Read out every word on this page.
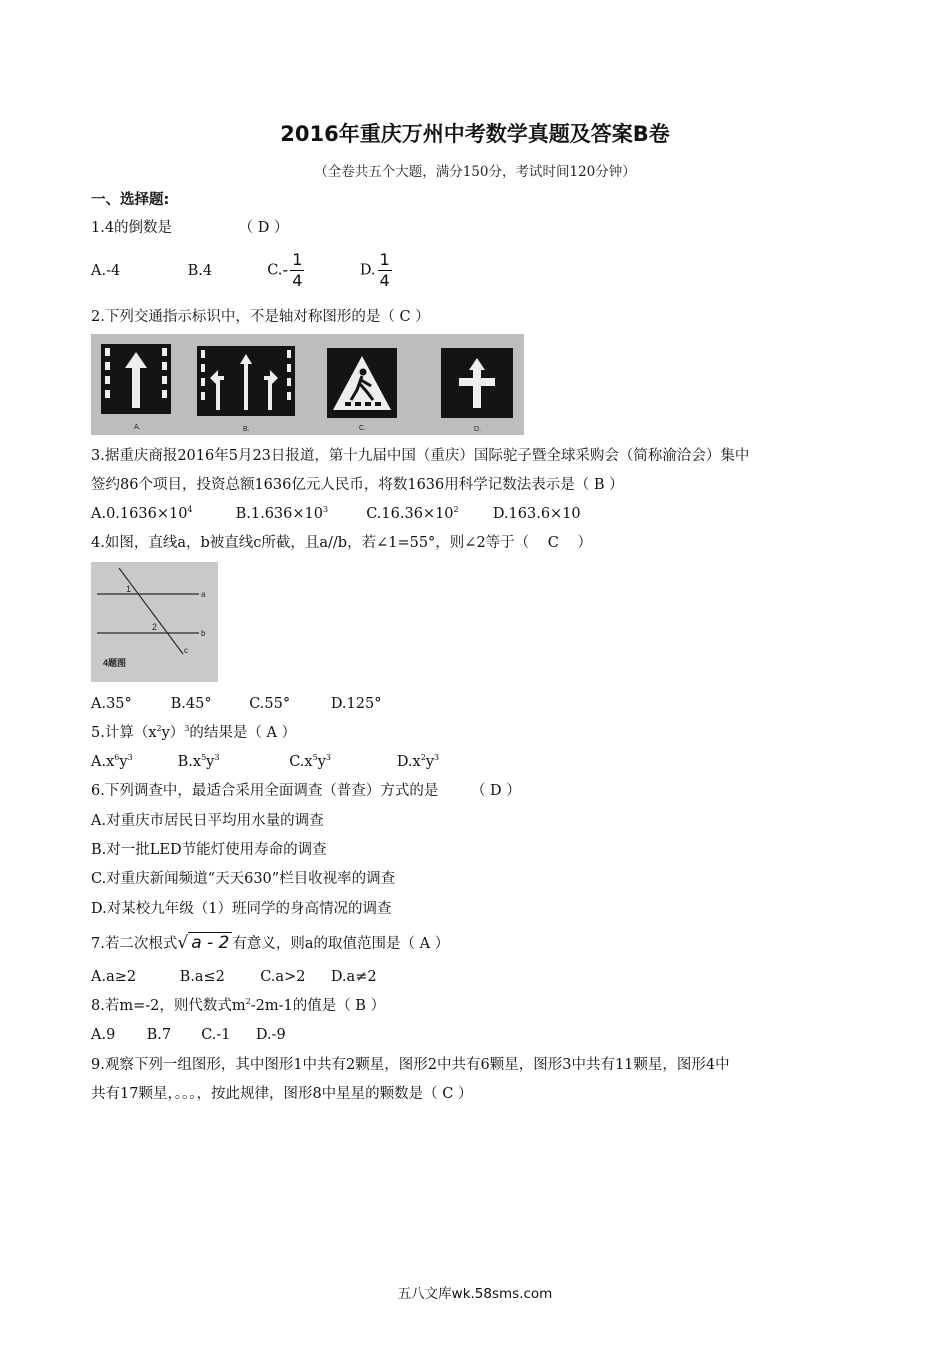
2016年重庆万州中考数学真题及答案B卷
（全卷共五个大题，满分150分，考试时间120分钟）
一、选择题:
1.4的倒数是	（ D ）
A.-4	B.4	$C.- \frac{1}{4}$	D. $\frac{1}{4}$
2.下列交通指示标识中，不是轴对称图形的是（ C ）
A.	B.	C.	D.
3.据重庆商报2016年5月23日报道，第十九届中国（重庆）国际驼子暨全球采购会（简称渝洽会）集中
签约86个项目，投资总额1636亿元人民币，将数1636用科学记数法表示是（ B ）
$A.0.1636\times 10^4$	$B.1.636\times 10^3$	$C.16.36\times 10^2$ D.163.6×10
4.如图，直线a，b被直线c所截，且a//b，若∠1=55°，则∠2等于（ C ）
1
2
a
b
c
4题图
A.35°	B.45°	C.55°	D.125°
5.计算$(x^2y)^3$的结果是（ A ）
$A.x^6y^3$	$B.x^5y^3$	$C.x^5y^3$	$D.x^2y^3$
6.下列调查中，最适合采用全面调查（普查）方式的是 （ D ）
A.对重庆市居民日平均用水量的调查
B.对一批LED节能灯使用寿命的调查
C.对重庆新闻频道“天天630”栏目收视率的调查
D.对某校九年级（1）班同学的身高情况的调查
7.若二次根式√ a - 2 有意义，则a的取值范围是（ A ）
A.a≥2	B.a≤2 C.a>2 D.a≠2
8.若m=-2，则代数式$m^2-2m-1$的值是（ B ）
A.9 B.7 C.-1 D.-9
9.观察下列一组图形，其中图形1中共有2颗星，图形2中共有6颗星，图形3中共有11颗星，图形4中
共有17颗星，。。。，按此规律，图形8中星星的颗数是（ C ）
五八文库wk.58sms.com
